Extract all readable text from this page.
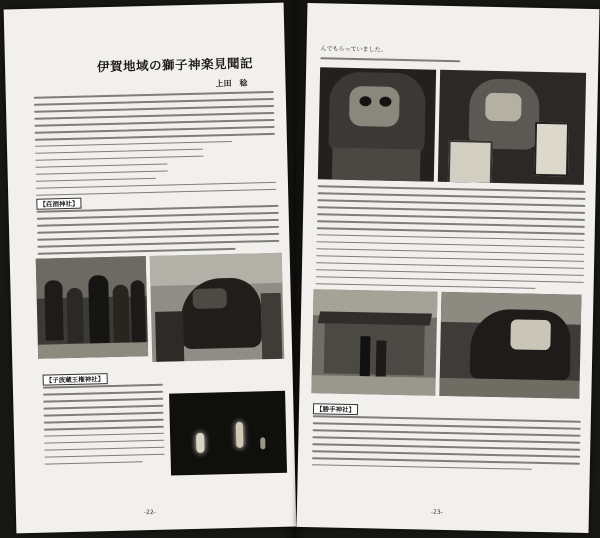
伊賀地域の獅子神楽見聞記
上田　稔
【荘酒神社】
【子波蔵王権神社】
-22-
んでもらっていました。
【勝手神社】
-23-
